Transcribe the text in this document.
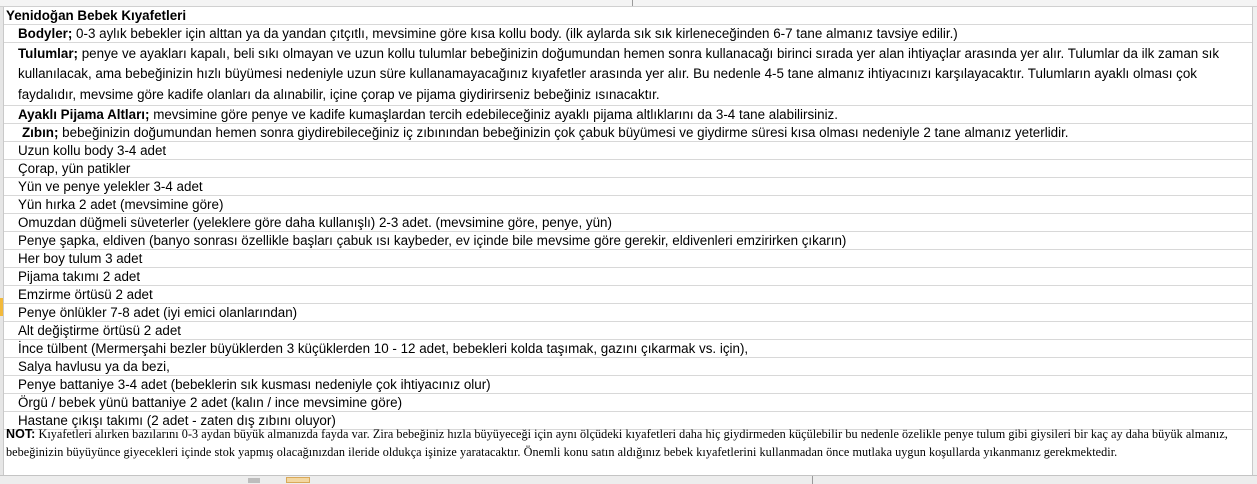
Yenidoğan Bebek Kıyafetleri
Bodyler; 0-3 aylık bebekler için alttan ya da yandan çıtçıtlı, mevsimine göre kısa kollu body. (ilk aylarda sık sık kirleneceğinden 6-7 tane almanız tavsiye edilir.)
Tulumlar; penye ve ayakları kapalı, beli sıkı olmayan ve uzun kollu tulumlar bebeğinizin doğumundan hemen sonra kullanacağı birinci sırada yer alan ihtiyaçlar arasında yer alır. Tulumlar da ilk zaman sık kullanılacak, ama bebeğinizin hızlı büyümesi nedeniyle uzun süre kullanamayacağınız kıyafetler arasında yer alır. Bu nedenle 4-5 tane almanız ihtiyacınızı karşılayacaktır. Tulumların ayaklı olması çok faydalıdır, mevsime göre kadife olanları da alınabilir, içine çorap ve pijama giydirirseniz bebeğiniz ısınacaktır.
Ayaklı Pijama Altları; mevsimine göre penye ve kadife kumaşlardan tercih edebileceğiniz ayaklı pijama altlıklarını da 3-4 tane alabilirsiniz.
Zıbın; bebeğinizin doğumundan hemen sonra giydirebileceğiniz iç zıbınından bebeğinizin çok çabuk büyümesi ve giydirme süresi kısa olması nedeniyle 2 tane almanız yeterlidir.
Uzun kollu body 3-4 adet
Çorap, yün patikler
Yün ve penye yelekler 3-4 adet
Yün hırka 2 adet (mevsimine göre)
Omuzdan düğmeli süveterler (yeleklere göre daha kullanışlı) 2-3 adet. (mevsimine göre, penye, yün)
Penye şapka, eldiven (banyo sonrası özellikle başları çabuk ısı kaybeder, ev içinde bile mevsime göre gerekir, eldivenleri emzirirken çıkarın)
Her boy tulum 3 adet
Pijama takımı 2 adet
Emzirme örtüsü 2 adet
Penye önlükler 7-8 adet (iyi emici olanlarından)
Alt değiştirme örtüsü 2 adet
İnce tülbent (Mermerşahi bezler büyüklerden 3 küçüklerden 10 - 12 adet, bebekleri kolda taşımak, gazını çıkarmak vs. için),
Salya havlusu ya da bezi,
Penye battaniye 3-4 adet (bebeklerin sık kusması nedeniyle çok ihtiyacınız olur)
Örgü / bebek yünü battaniye 2 adet (kalın / ince mevsimine göre)
Hastane çıkışı takımı (2 adet - zaten dış zıbını oluyor)
NOT: Kıyafetleri alırken bazılarını 0-3 aydan büyük almanızda fayda var. Zira bebeğiniz hızla büyüyeceği için aynı ölçüdeki kıyafetleri daha hiç giydirmeden küçülebilir bu nedenle özelikle penye tulum gibi giysileri bir kaç ay daha büyük almanız, bebeğinizin büyüyünce giyecekleri içinde stok yapmış olacağınızdan ileride oldukça işinize yaratacaktır. Önemli konu satın aldığınız bebek kıyafetlerini kullanmadan önce mutlaka uygun koşullarda yıkanmanız gerekmektedir.
